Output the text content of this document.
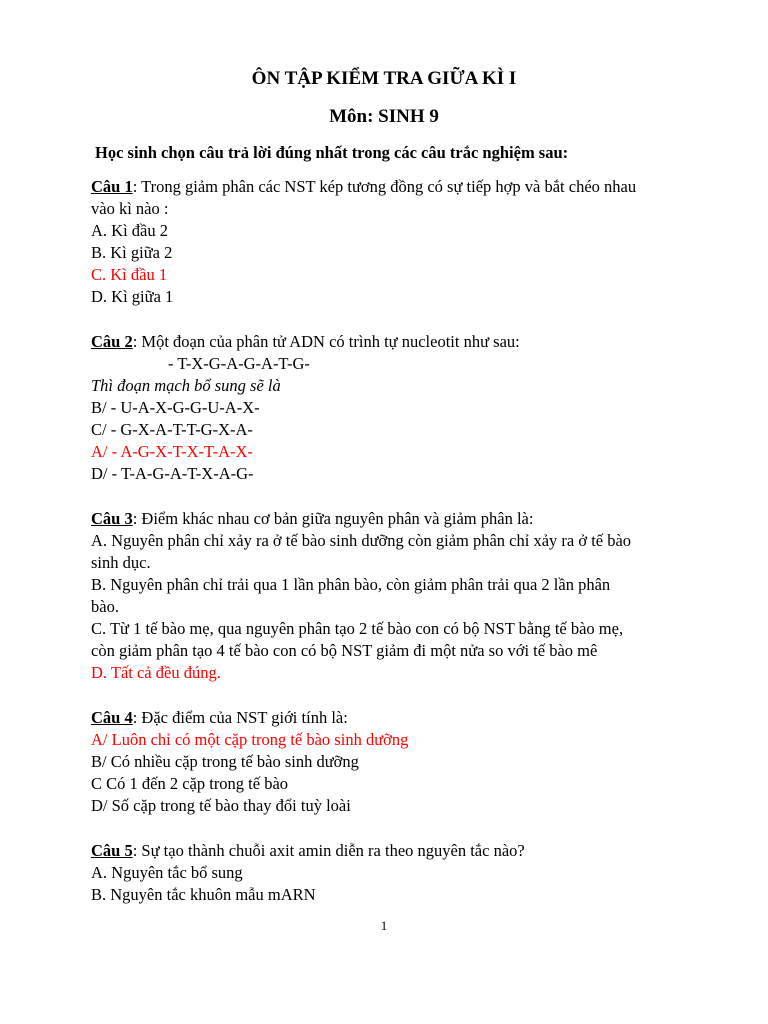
ÔN TẬP KIỂM TRA GIỮA KÌ I
Môn: SINH 9
Học sinh chọn câu trả lời đúng nhất trong các câu trắc nghiệm sau:
Câu 1: Trong giảm phân các NST kép tương đồng có sự tiếp hợp và bắt chéo nhau
vào kì nào :
A. Kì đầu 2
B. Kì giữa 2
C. Kì đầu 1
D. Kì giữa 1
Câu 2: Một đoạn của phân tử ADN có trình tự nucleotit như sau:
- T-X-G-A-G-A-T-G-
Thì đoạn mạch bổ sung sẽ là
B/ - U-A-X-G-G-U-A-X-
C/ - G-X-A-T-T-G-X-A-
A/ - A-G-X-T-X-T-A-X-
D/ - T-A-G-A-T-X-A-G-
Câu 3: Điểm khác nhau cơ bản giữa nguyên phân và giảm phân là:
A. Nguyên phân chỉ xảy ra ở tế bào sinh dưỡng còn giảm phân chỉ xảy ra ở tế bào
sinh dục.
B. Nguyên phân chỉ trải qua 1 lần phân bào, còn giảm phân trải qua 2 lần phân
bào.
C. Từ 1 tế bào mẹ, qua nguyên phân tạo 2 tế bào con có bộ NST bằng tế bào mẹ,
còn giảm phân tạo 4 tế bào con có bộ NST giảm đi một nửa so với tế bào mê
D. Tất cả đều đúng.
Câu 4: Đặc điểm của NST giới tính là:
A/ Luôn chỉ có một cặp trong tế bào sinh dưỡng
B/ Có nhiều cặp trong tế bào sinh dưỡng
C Có 1 đến 2 cặp trong tế bào
D/ Số cặp trong tế bào thay đổi tuỳ loài
Câu 5: Sự tạo thành chuỗi axit amin diễn ra theo nguyên tắc nào?
A. Nguyên tắc bổ sung
B. Nguyên tắc khuôn mẫu mARN
1
